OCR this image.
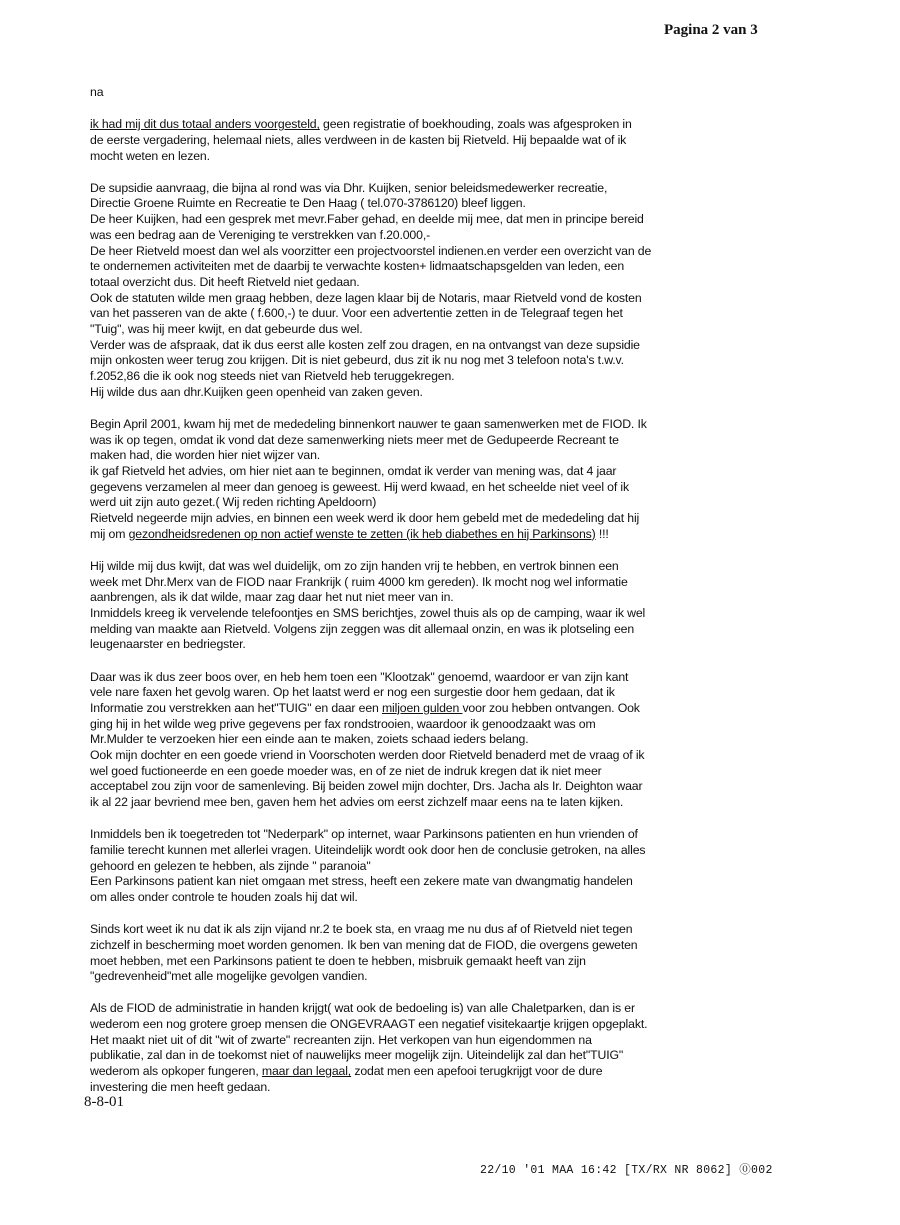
Pagina 2 van 3
na
ik had mij dit dus totaal anders voorgesteld, geen registratie of boekhouding, zoals was afgesproken in
de eerste vergadering, helemaal niets, alles verdween in de kasten bij Rietveld. Hij bepaalde wat of ik
mocht weten en lezen.
De supsidie aanvraag, die bijna al rond was via Dhr. Kuijken, senior beleidsmedewerker recreatie,
Directie Groene Ruimte en Recreatie te Den Haag ( tel.070-3786120) bleef liggen.
De heer Kuijken, had een gesprek met mevr.Faber gehad, en deelde mij mee, dat men in principe bereid
was een bedrag aan de Vereniging te verstrekken van f.20.000,-
De heer Rietveld moest dan wel als voorzitter een projectvoorstel indienen.en verder een overzicht van de
te ondernemen activiteiten met de daarbij te verwachte kosten+ lidmaatschapsgelden van leden, een
totaal overzicht dus. Dit heeft Rietveld niet gedaan.
Ook de statuten wilde men graag hebben, deze lagen klaar bij de Notaris, maar Rietveld vond de kosten
van het passeren van de akte ( f.600,-) te duur. Voor een advertentie zetten in de Telegraaf tegen het
"Tuig", was hij meer kwijt, en dat gebeurde dus wel.
Verder was de afspraak, dat ik dus eerst alle kosten zelf zou dragen, en na ontvangst van deze supsidie
mijn onkosten weer terug zou krijgen. Dit is niet gebeurd, dus zit ik nu nog met 3 telefoon nota's t.w.v.
f.2052,86 die ik ook nog steeds niet van Rietveld heb teruggekregen.
Hij wilde dus aan dhr.Kuijken geen openheid van zaken geven.
Begin April 2001, kwam hij met de mededeling binnenkort nauwer te gaan samenwerken met de FIOD. Ik
was ik op tegen, omdat ik vond dat deze samenwerking niets meer met de Gedupeerde Recreant te
maken had, die worden hier niet wijzer van.
ik gaf Rietveld het advies, om hier niet aan te beginnen, omdat ik verder van mening was, dat 4 jaar
gegevens verzamelen al meer dan genoeg is geweest. Hij werd kwaad, en het scheelde niet veel of ik
werd uit zijn auto gezet.( Wij reden richting Apeldoorn)
Rietveld negeerde mijn advies, en binnen een week werd ik door hem gebeld met de mededeling dat hij
mij om gezondheidsredenen op non actief wenste te zetten (ik heb diabethes en hij Parkinsons) !!!
Hij wilde mij dus kwijt, dat was wel duidelijk, om zo zijn handen vrij te hebben, en vertrok binnen een
week met Dhr.Merx van de FIOD naar Frankrijk ( ruim 4000 km gereden). Ik mocht nog wel informatie
aanbrengen, als ik dat wilde, maar zag daar het nut niet meer van in.
Inmiddels kreeg ik vervelende telefoontjes en SMS berichtjes, zowel thuis als op de camping, waar ik wel
melding van maakte aan Rietveld. Volgens zijn zeggen was dit allemaal onzin, en was ik plotseling een
leugenaarster en bedriegster.
Daar was ik dus zeer boos over, en heb hem toen een "Klootzak" genoemd, waardoor er van zijn kant
vele nare faxen het gevolg waren. Op het laatst werd er nog een surgestie door hem gedaan, dat ik
Informatie zou verstrekken aan het"TUIG" en daar een miljoen gulden voor zou hebben ontvangen. Ook
ging hij in het wilde weg prive gegevens per fax rondstrooien, waardoor ik genoodzaakt was om
Mr.Mulder te verzoeken hier een einde aan te maken, zoiets schaad ieders belang.
Ook mijn dochter en een goede vriend in Voorschoten werden door Rietveld benaderd met de vraag of ik
wel goed fuctioneerde en een goede moeder was, en of ze niet de indruk kregen dat ik niet meer
acceptabel zou zijn voor de samenleving. Bij beiden zowel mijn dochter, Drs. Jacha als Ir. Deighton waar
ik al 22 jaar bevriend mee ben, gaven hem het advies om eerst zichzelf maar eens na te laten kijken.
Inmiddels ben ik toegetreden tot "Nederpark" op internet, waar Parkinsons patienten en hun vrienden of
familie terecht kunnen met allerlei vragen. Uiteindelijk wordt ook door hen de conclusie getroken, na alles
gehoord en gelezen te hebben, als zijnde " paranoia"
Een Parkinsons patient kan niet omgaan met stress, heeft een zekere mate van dwangmatig handelen
om alles onder controle te houden zoals hij dat wil.
Sinds kort weet ik nu dat ik als zijn vijand nr.2 te boek sta, en vraag me nu dus af of Rietveld niet tegen
zichzelf in bescherming moet worden genomen. Ik ben van mening dat de FIOD, die overgens geweten
moet hebben, met een Parkinsons patient te doen te hebben, misbruik gemaakt heeft van zijn
"gedrevenheid"met alle mogelijke gevolgen vandien.
Als de FIOD de administratie in handen krijgt( wat ook de bedoeling is) van alle Chaletparken, dan is er
wederom een nog grotere groep mensen die ONGEVRAAGT een negatief visitekaartje krijgen opgeplakt.
Het maakt niet uit of dit "wit of zwarte" recreanten zijn. Het verkopen van hun eigendommen na
publikatie, zal dan in de toekomst niet of nauwelijks meer mogelijk zijn. Uiteindelijk zal dan het"TUIG"
wederom als opkoper fungeren, maar dan legaal, zodat men een apefooi terugkrijgt voor de dure
investering die men heeft gedaan.
8-8-01
22/10 '01 MAA 16:42 [TX/RX NR 8062] ⓪002
